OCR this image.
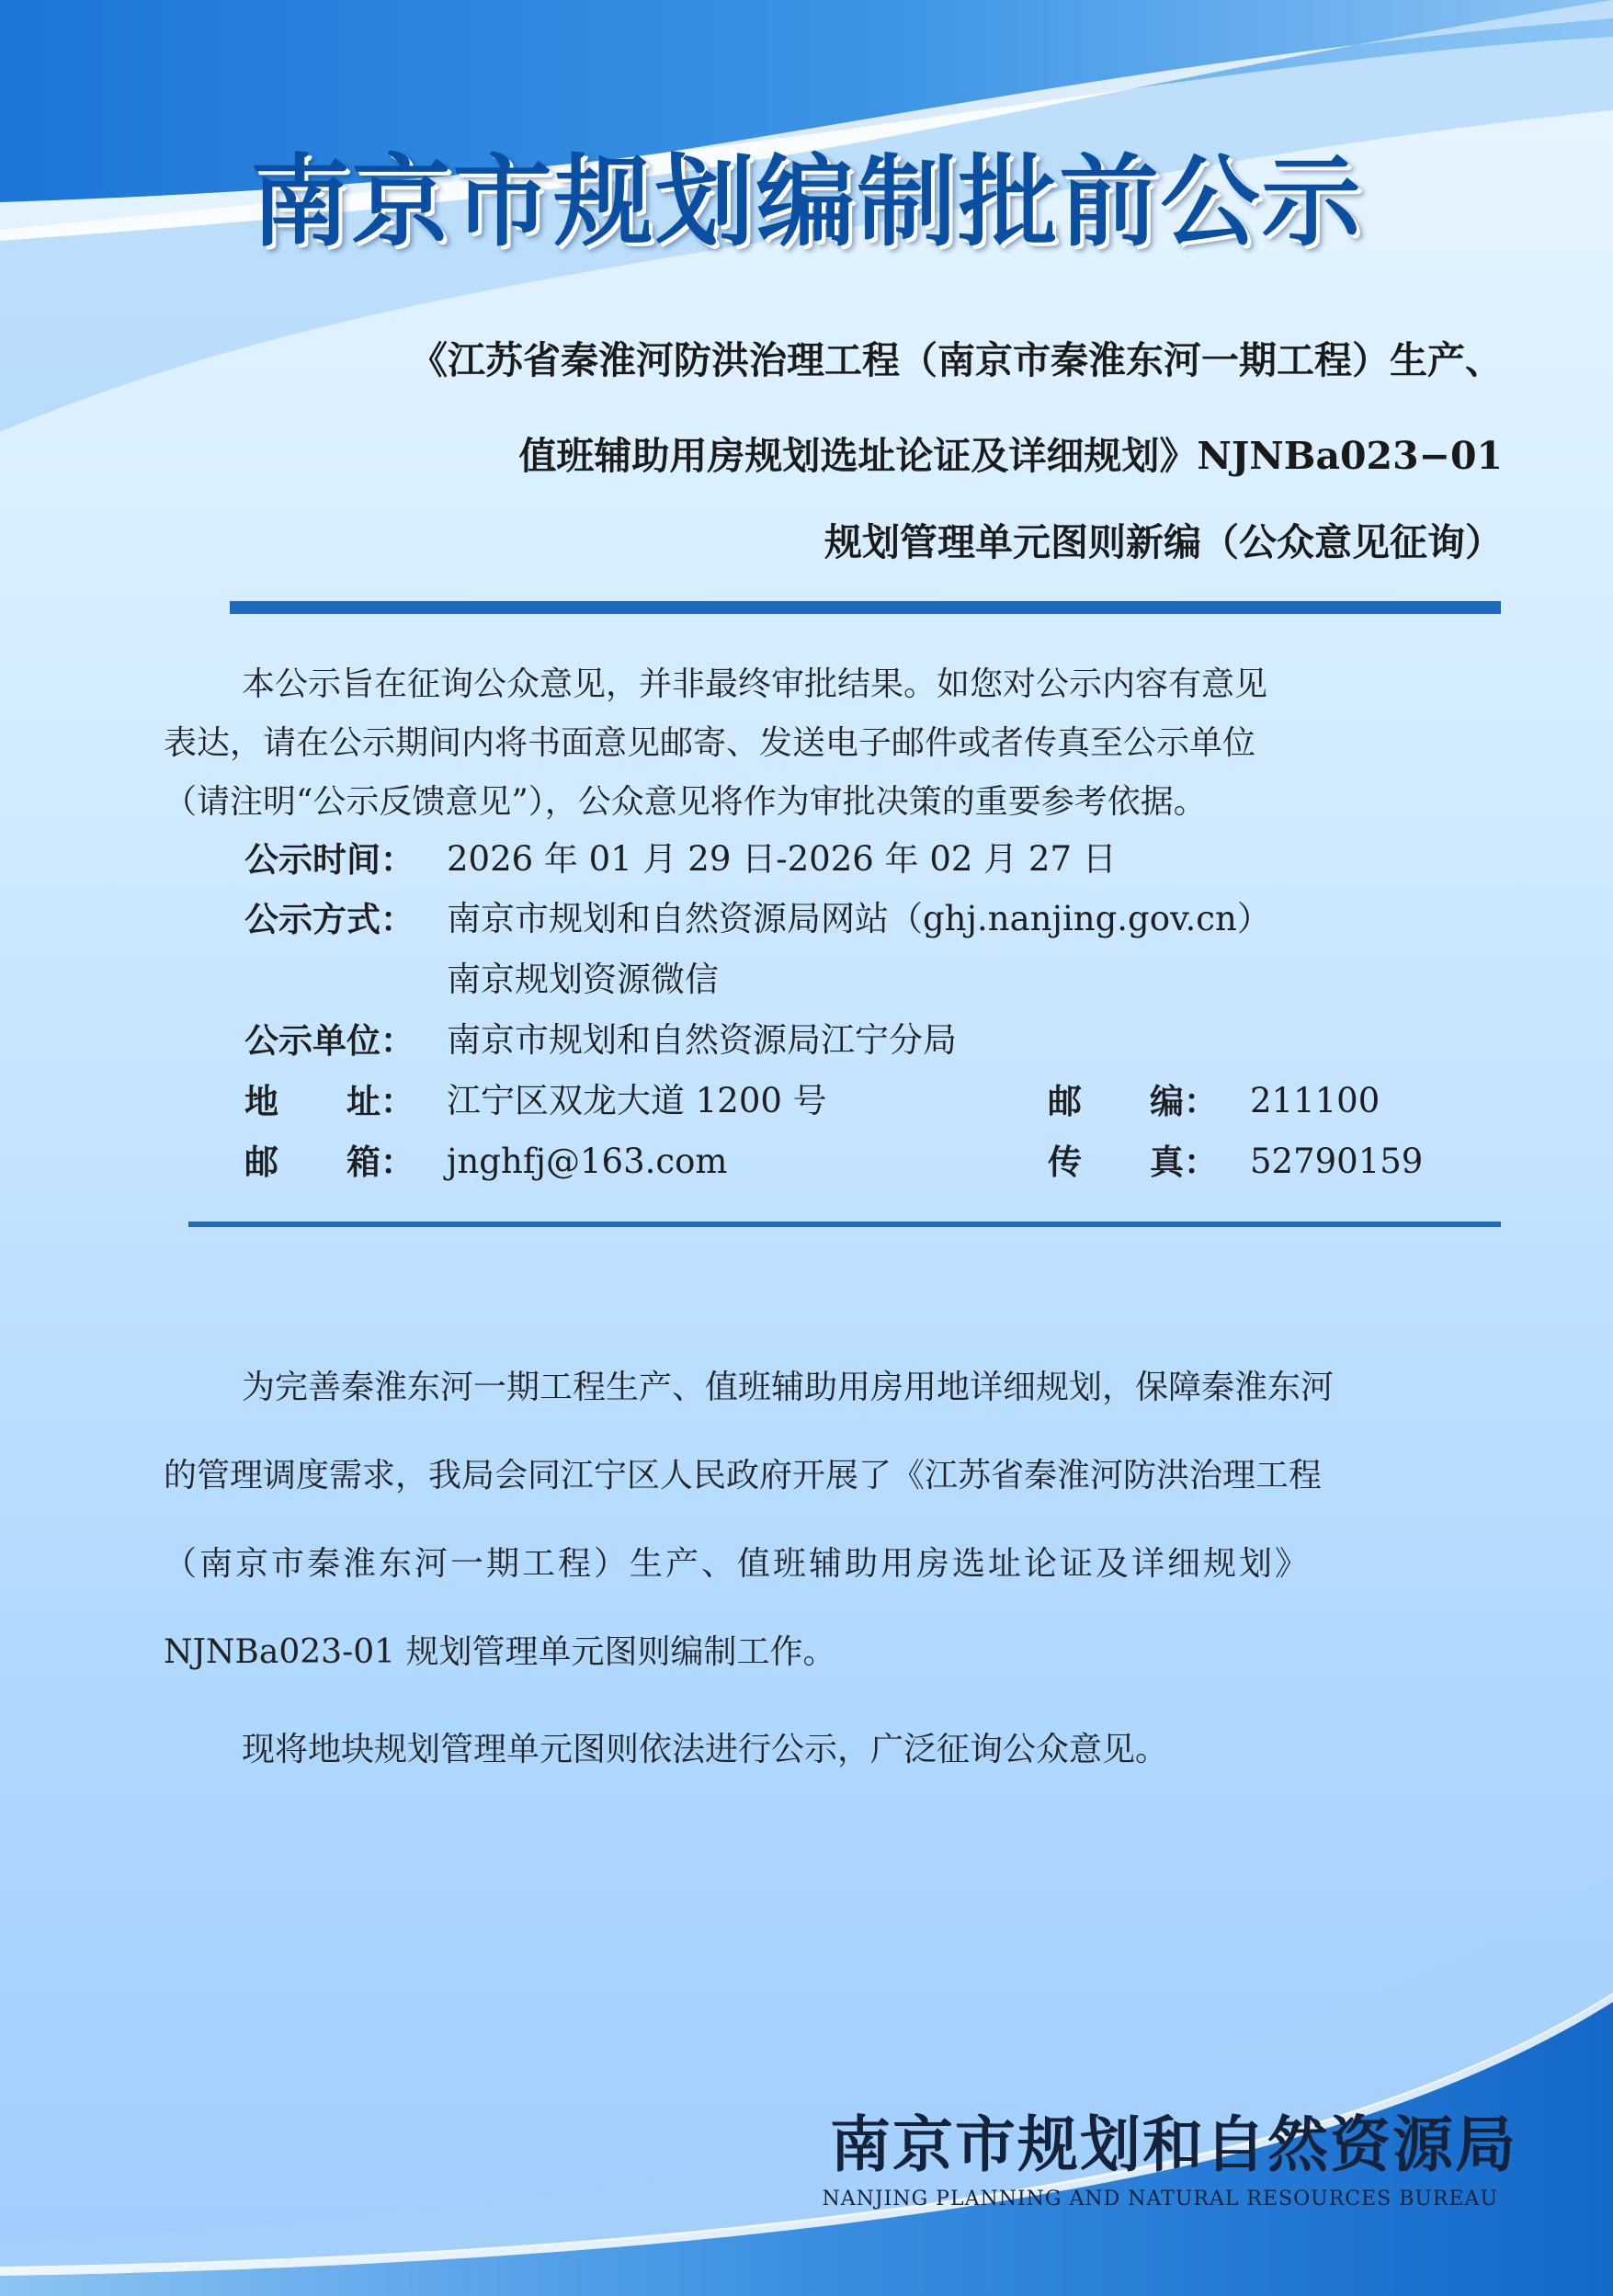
南京市规划编制批前公示
《江苏省秦淮河防洪治理工程（南京市秦淮东河一期工程）生产、
值班辅助用房规划选址论证及详细规划》NJNBa023−01
规划管理单元图则新编（公众意见征询）
本公示旨在征询公众意见，并非最终审批结果。如您对公示内容有意见
表达，请在公示期间内将书面意见邮寄、发送电子邮件或者传真至公示单位
（请注明“公示反馈意见”），公众意见将作为审批决策的重要参考依据。
公示时间： 2026 年 01 月 29 日-2026 年 02 月 27 日
公示方式： 南京市规划和自然资源局网站（ghj.nanjing.gov.cn）
南京规划资源微信
公示单位： 南京市规划和自然资源局江宁分局
地　　址： 江宁区双龙大道 1200 号	邮　　编： 211100
邮　　箱： jnghfj@163.com	传　　真： 52790159
为完善秦淮东河一期工程生产、值班辅助用房用地详细规划，保障秦淮东河
的管理调度需求，我局会同江宁区人民政府开展了《江苏省秦淮河防洪治理工程
（南京市秦淮东河一期工程）生产、值班辅助用房选址论证及详细规划》
NJNBa023-01 规划管理单元图则编制工作。
现将地块规划管理单元图则依法进行公示，广泛征询公众意见。
南京市规划和自然资源局
NANJING PLANNING AND NATURAL RESOURCES BUREAU
